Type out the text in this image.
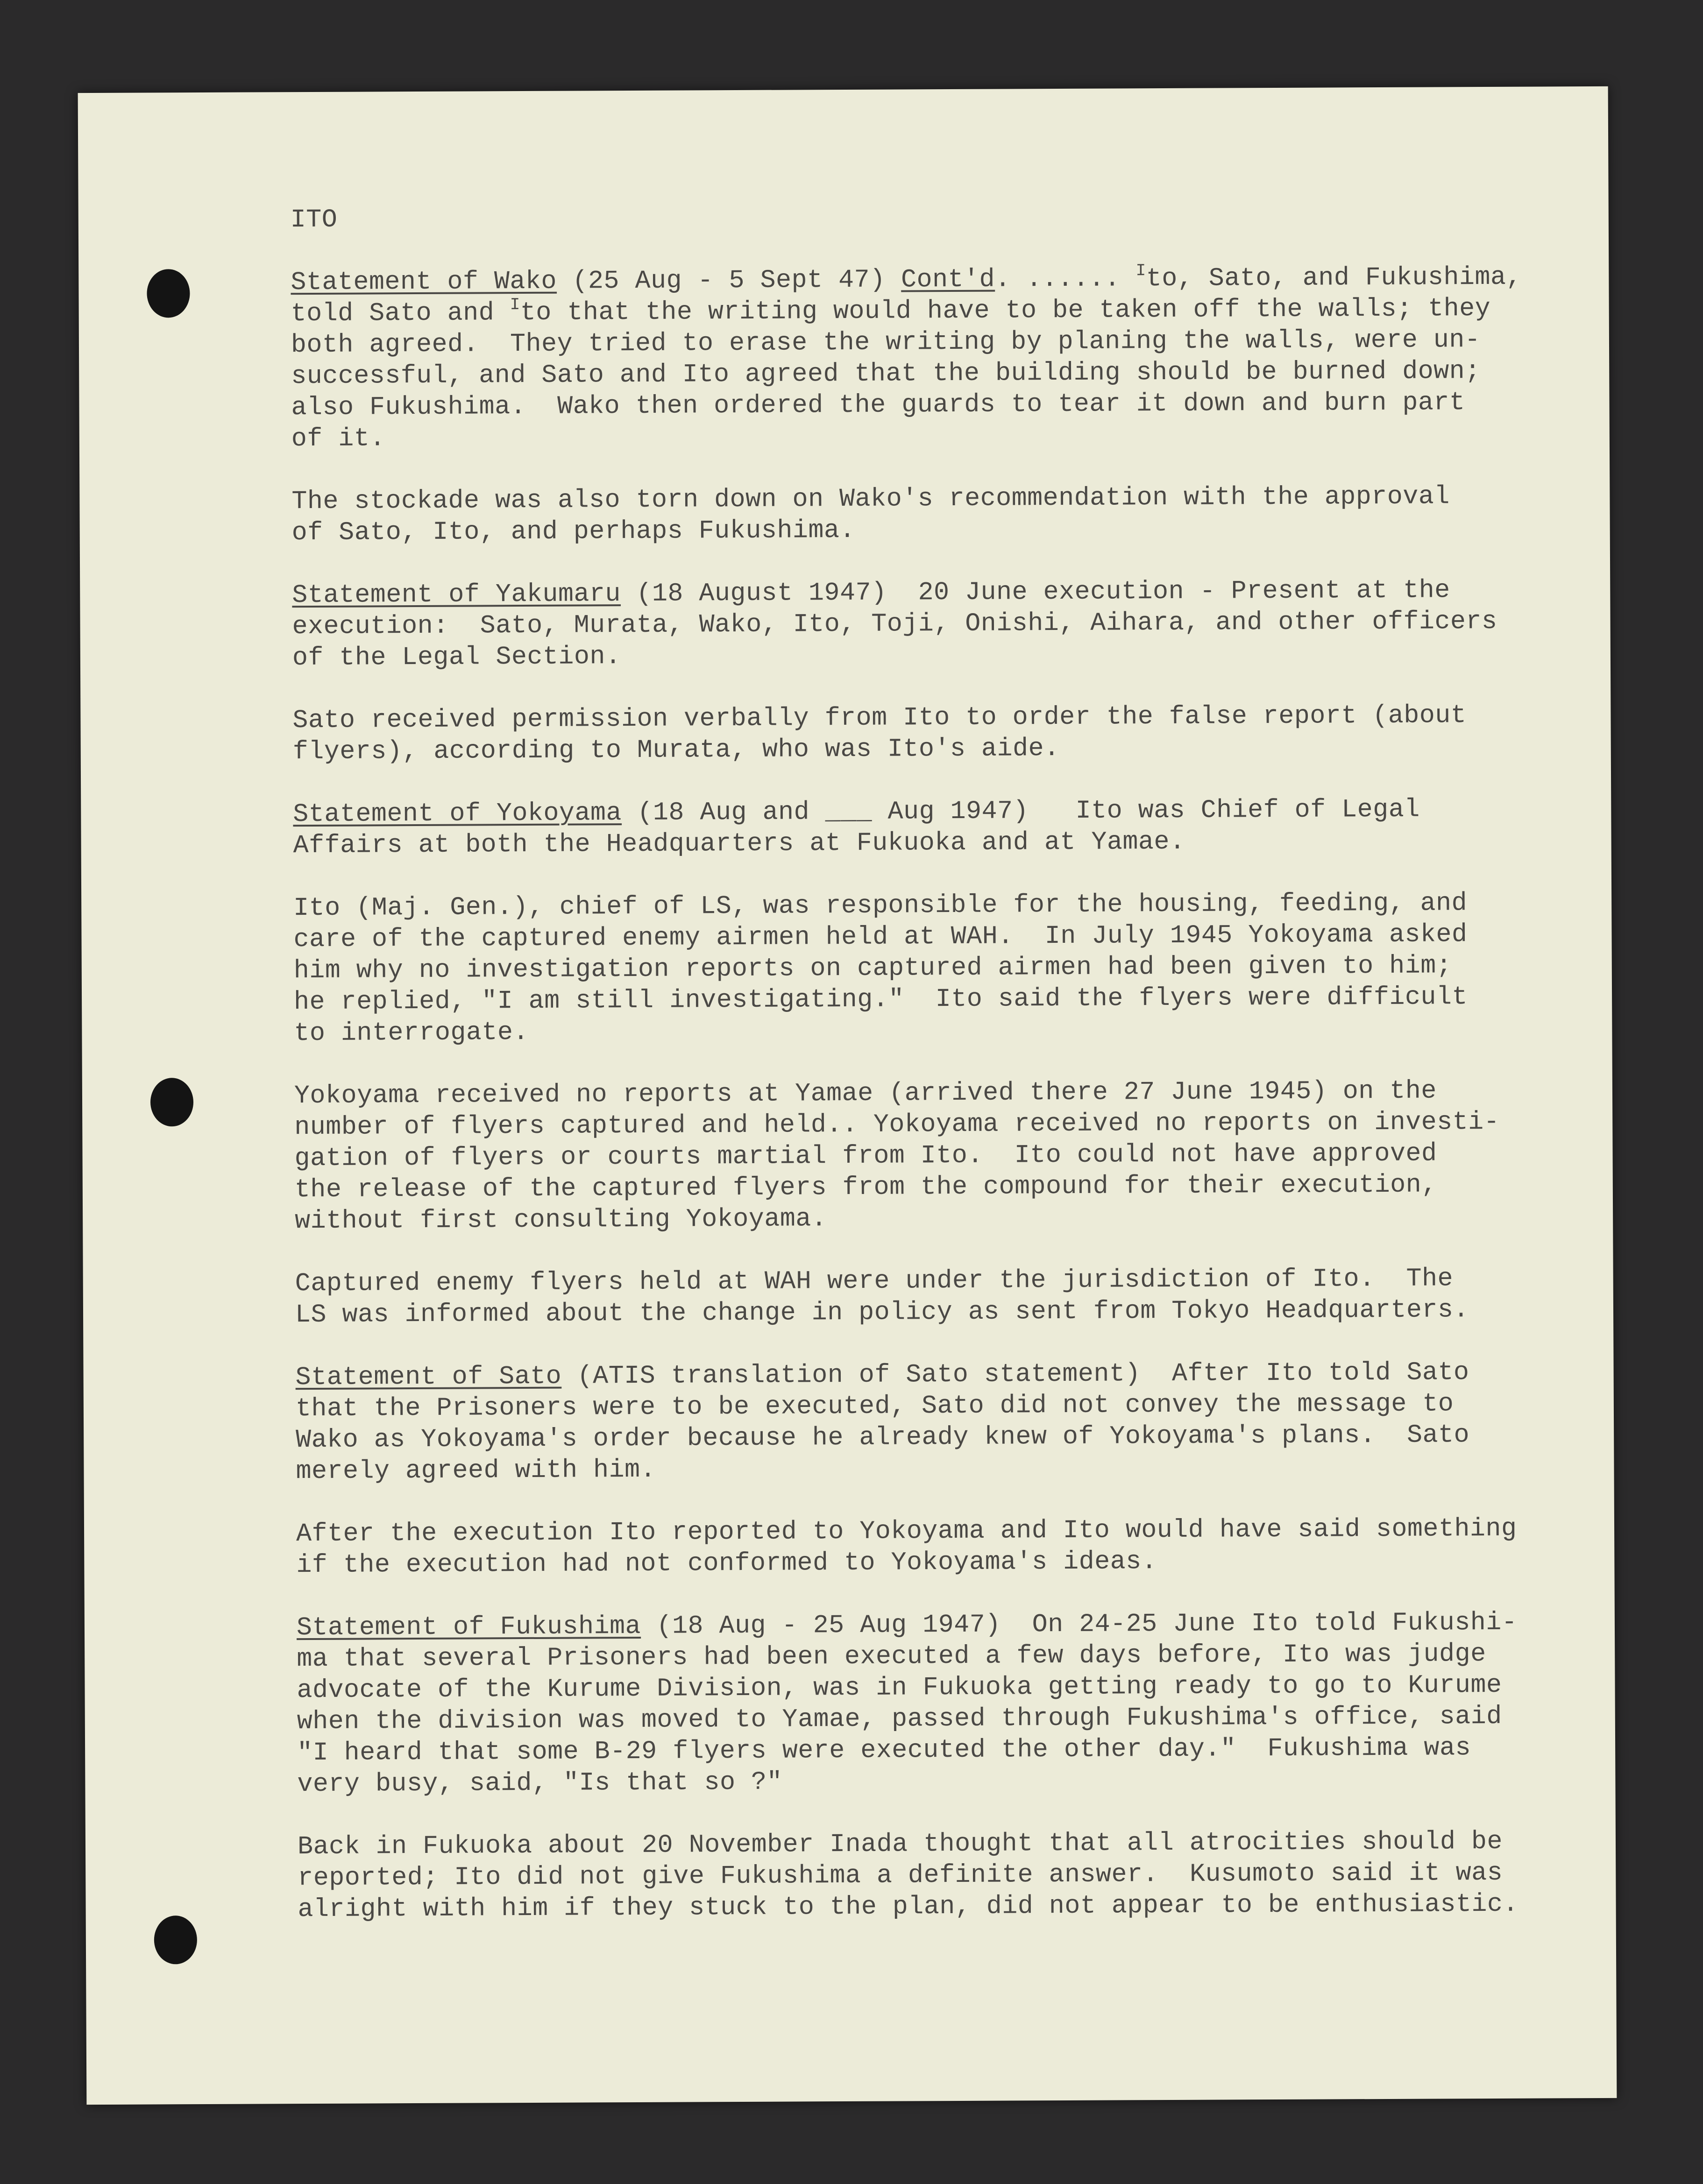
ITO
Statement of Wako (25 Aug - 5 Sept 47) Cont'd. ...... $^I$to, Sato, and Fukushima,
told Sato and $^I$to that the writing would have to be taken off the walls; they
both agreed.  They tried to erase the writing by planing the walls, were un-
successful, and Sato and Ito agreed that the building should be burned down;
also Fukushima.  Wako then ordered the guards to tear it down and burn part
of it.
The stockade was also torn down on Wako's recommendation with the approval
of Sato, Ito, and perhaps Fukushima.
Statement of Yakumaru (18 August 1947)  20 June execution - Present at the
execution:  Sato, Murata, Wako, Ito, Toji, Onishi, Aihara, and other officers
of the Legal Section.
Sato received permission verbally from Ito to order the false report (about
flyers), according to Murata, who was Ito's aide.
Statement of Yokoyama (18 Aug and ___ Aug 1947)   Ito was Chief of Legal
Affairs at both the Headquarters at Fukuoka and at Yamae.
Ito (Maj. Gen.), chief of LS, was responsible for the housing, feeding, and
care of the captured enemy airmen held at WAH.  In July 1945 Yokoyama asked
him why no investigation reports on captured airmen had been given to him;
he replied, "I am still investigating."  Ito said the flyers were difficult
to interrogate.
Yokoyama received no reports at Yamae (arrived there 27 June 1945) on the
number of flyers captured and held.. Yokoyama received no reports on investi-
gation of flyers or courts martial from Ito.  Ito could not have approved
the release of the captured flyers from the compound for their execution,
without first consulting Yokoyama.
Captured enemy flyers held at WAH were under the jurisdiction of Ito.  The
LS was informed about the change in policy as sent from Tokyo Headquarters.
Statement of Sato (ATIS translation of Sato statement)  After Ito told Sato
that the Prisoners were to be executed, Sato did not convey the message to
Wako as Yokoyama's order because he already knew of Yokoyama's plans.  Sato
merely agreed with him.
After the execution Ito reported to Yokoyama and Ito would have said something
if the execution had not conformed to Yokoyama's ideas.
Statement of Fukushima (18 Aug - 25 Aug 1947)  On 24-25 June Ito told Fukushi-
ma that several Prisoners had been executed a few days before, Ito was judge
advocate of the Kurume Division, was in Fukuoka getting ready to go to Kurume
when the division was moved to Yamae, passed through Fukushima's office, said
"I heard that some B-29 flyers were executed the other day."  Fukushima was
very busy, said, "Is that so ?"
Back in Fukuoka about 20 November Inada thought that all atrocities should be
reported; Ito did not give Fukushima a definite answer.  Kusumoto said it was
alright with him if they stuck to the plan, did not appear to be enthusiastic.
